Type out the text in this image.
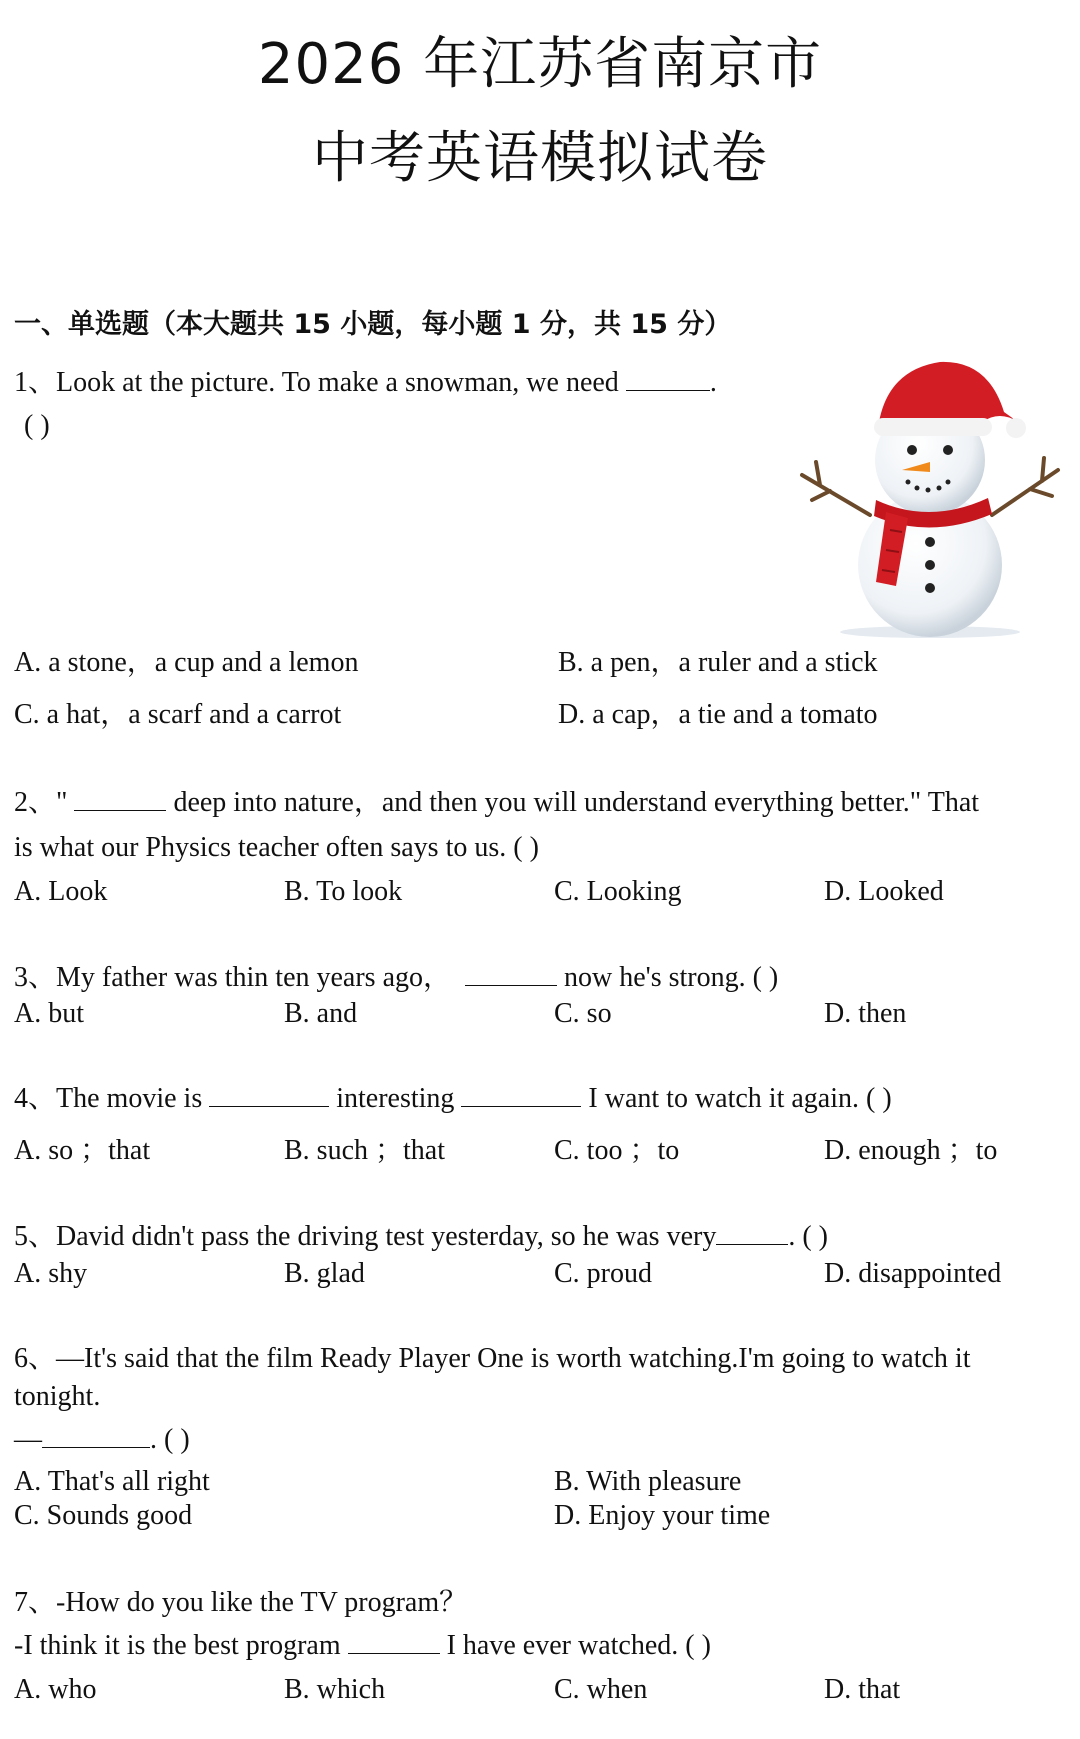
2026 年江苏省南京市
中考英语模拟试卷
一、单选题（本大题共 15 小题，每小题 1 分，共 15 分）
1、Look at the picture. To make a snowman, we need	.
( )
A. a stone，a cup and a lemon	B. a pen，a ruler and a stick
C. a hat，a scarf and a carrot	D. a cap，a tie and a tomato
2、"	deep into nature，and then you will understand everything better." That
is what our Physics teacher often says to us. ( )
A. Look	B. To look	C. Looking	D. Looked
3、My father was thin ten years ago，	now he's strong. ( )
A. but	B. and	C. so	D. then
4、The movie is	interesting	I want to watch it again. ( )
A. so ；that	B. such ；that	C. too ；to	D. enough ；to
5、David didn't pass the driving test yesterday, so he was very	. ( )
A. shy	B. glad	C. proud	D. disappointed
6、—It's said that the film Ready Player One is worth watching.I'm going to watch it
tonight.
—	. ( )
A. That's all right	B. With pleasure
C. Sounds good	D. Enjoy your time
7、-How do you like the TV program？
-I think it is the best program	I have ever watched. ( )
A. who	B. which	C. when	D. that
